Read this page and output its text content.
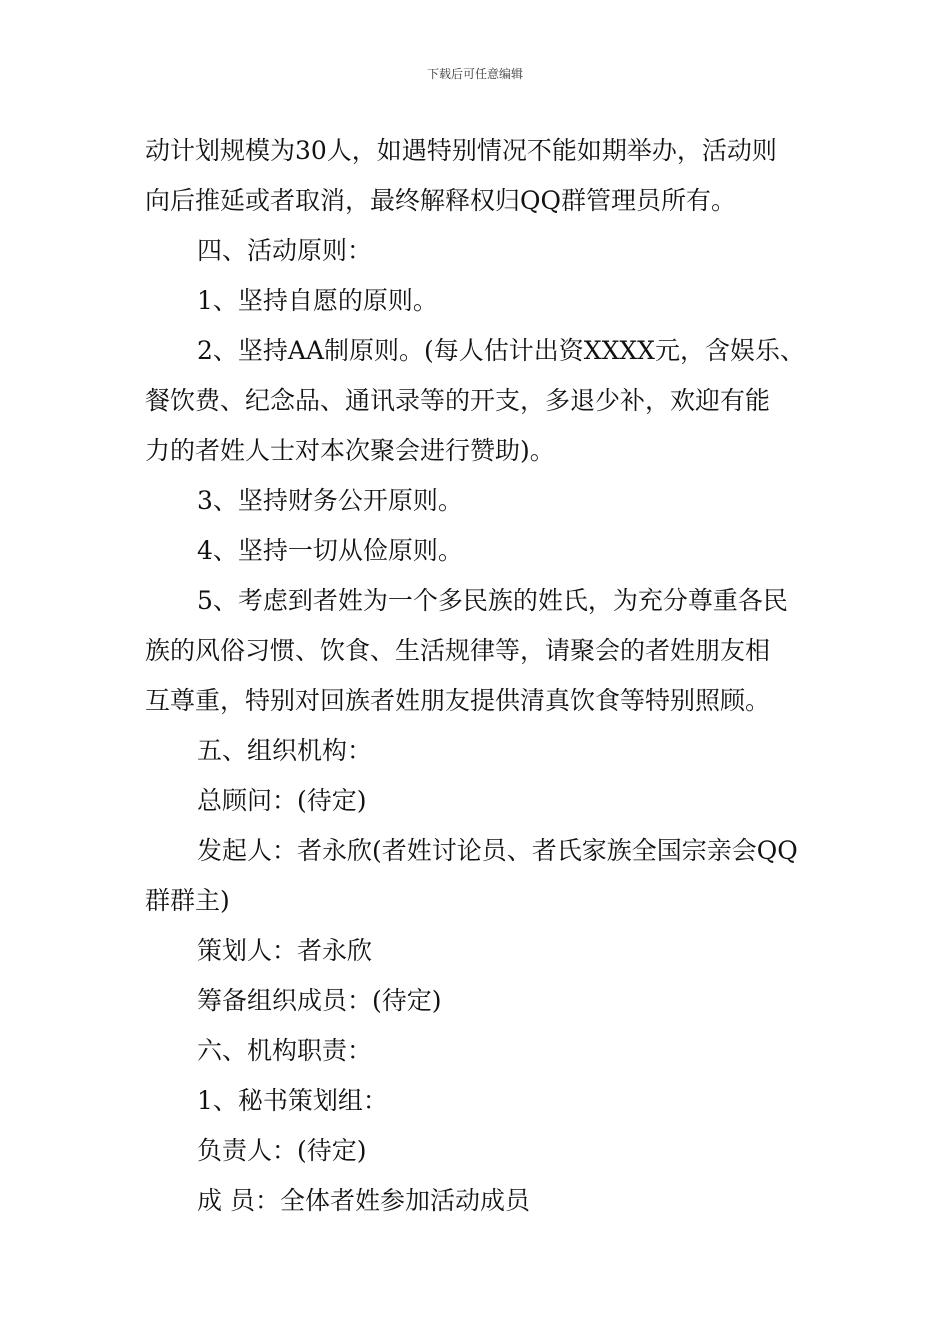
下载后可任意编辑
动计划规模为30人，如遇特别情况不能如期举办，活动则
向后推延或者取消，最终解释权归QQ群管理员所有。
四、活动原则：
1、坚持自愿的原则。
2、坚持AA制原则。(每人估计出资XXXX元，含娱乐、
餐饮费、纪念品、通讯录等的开支，多退少补，欢迎有能
力的者姓人士对本次聚会进行赞助)。
3、坚持财务公开原则。
4、坚持一切从俭原则。
5、考虑到者姓为一个多民族的姓氏，为充分尊重各民
族的风俗习惯、饮食、生活规律等，请聚会的者姓朋友相
互尊重，特别对回族者姓朋友提供清真饮食等特别照顾。
五、组织机构：
总顾问：(待定)
发起人：者永欣(者姓讨论员、者氏家族全国宗亲会QQ
群群主)
策划人：者永欣
筹备组织成员：(待定)
六、机构职责：
1、秘书策划组：
负责人：(待定)
成 员：全体者姓参加活动成员
